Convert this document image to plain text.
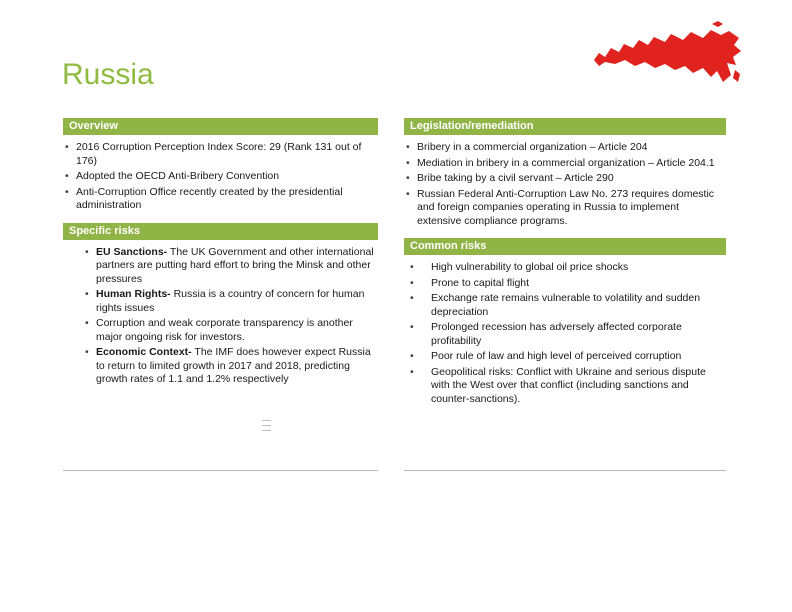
Russia
Overview
• 2016 Corruption Perception Index Score: 29 (Rank 131 out of 176)
• Adopted the OECD Anti-Bribery Convention
• Anti-Corruption Office recently created by the presidential administration
Specific risks
• EU Sanctions- The UK Government and other international partners are putting hard effort to bring the Minsk and other pressures
• Human Rights- Russia is a country of concern for human rights issues
• Corruption and weak corporate transparency is another major ongoing risk for investors.
• Economic Context- The IMF does however expect Russia to return to limited growth in 2017 and 2018, predicting growth rates of 1.1 and 1.2% respectively
Legislation/remediation
• Bribery in a commercial organization – Article 204
• Mediation in bribery in a commercial organization – Article 204.1
• Bribe taking by a civil servant – Article 290
• Russian Federal Anti-Corruption Law No. 273 requires domestic and foreign companies operating in Russia to implement extensive compliance programs.
Common risks
• High vulnerability to global oil price shocks
• Prone to capital flight
• Exchange rate remains vulnerable to volatility and sudden depreciation
• Prolonged recession has adversely affected corporate profitability
• Poor rule of law and high level of perceived corruption
• Geopolitical risks: Conflict with Ukraine and serious dispute with the West over that conflict (including sanctions and counter-sanctions).
